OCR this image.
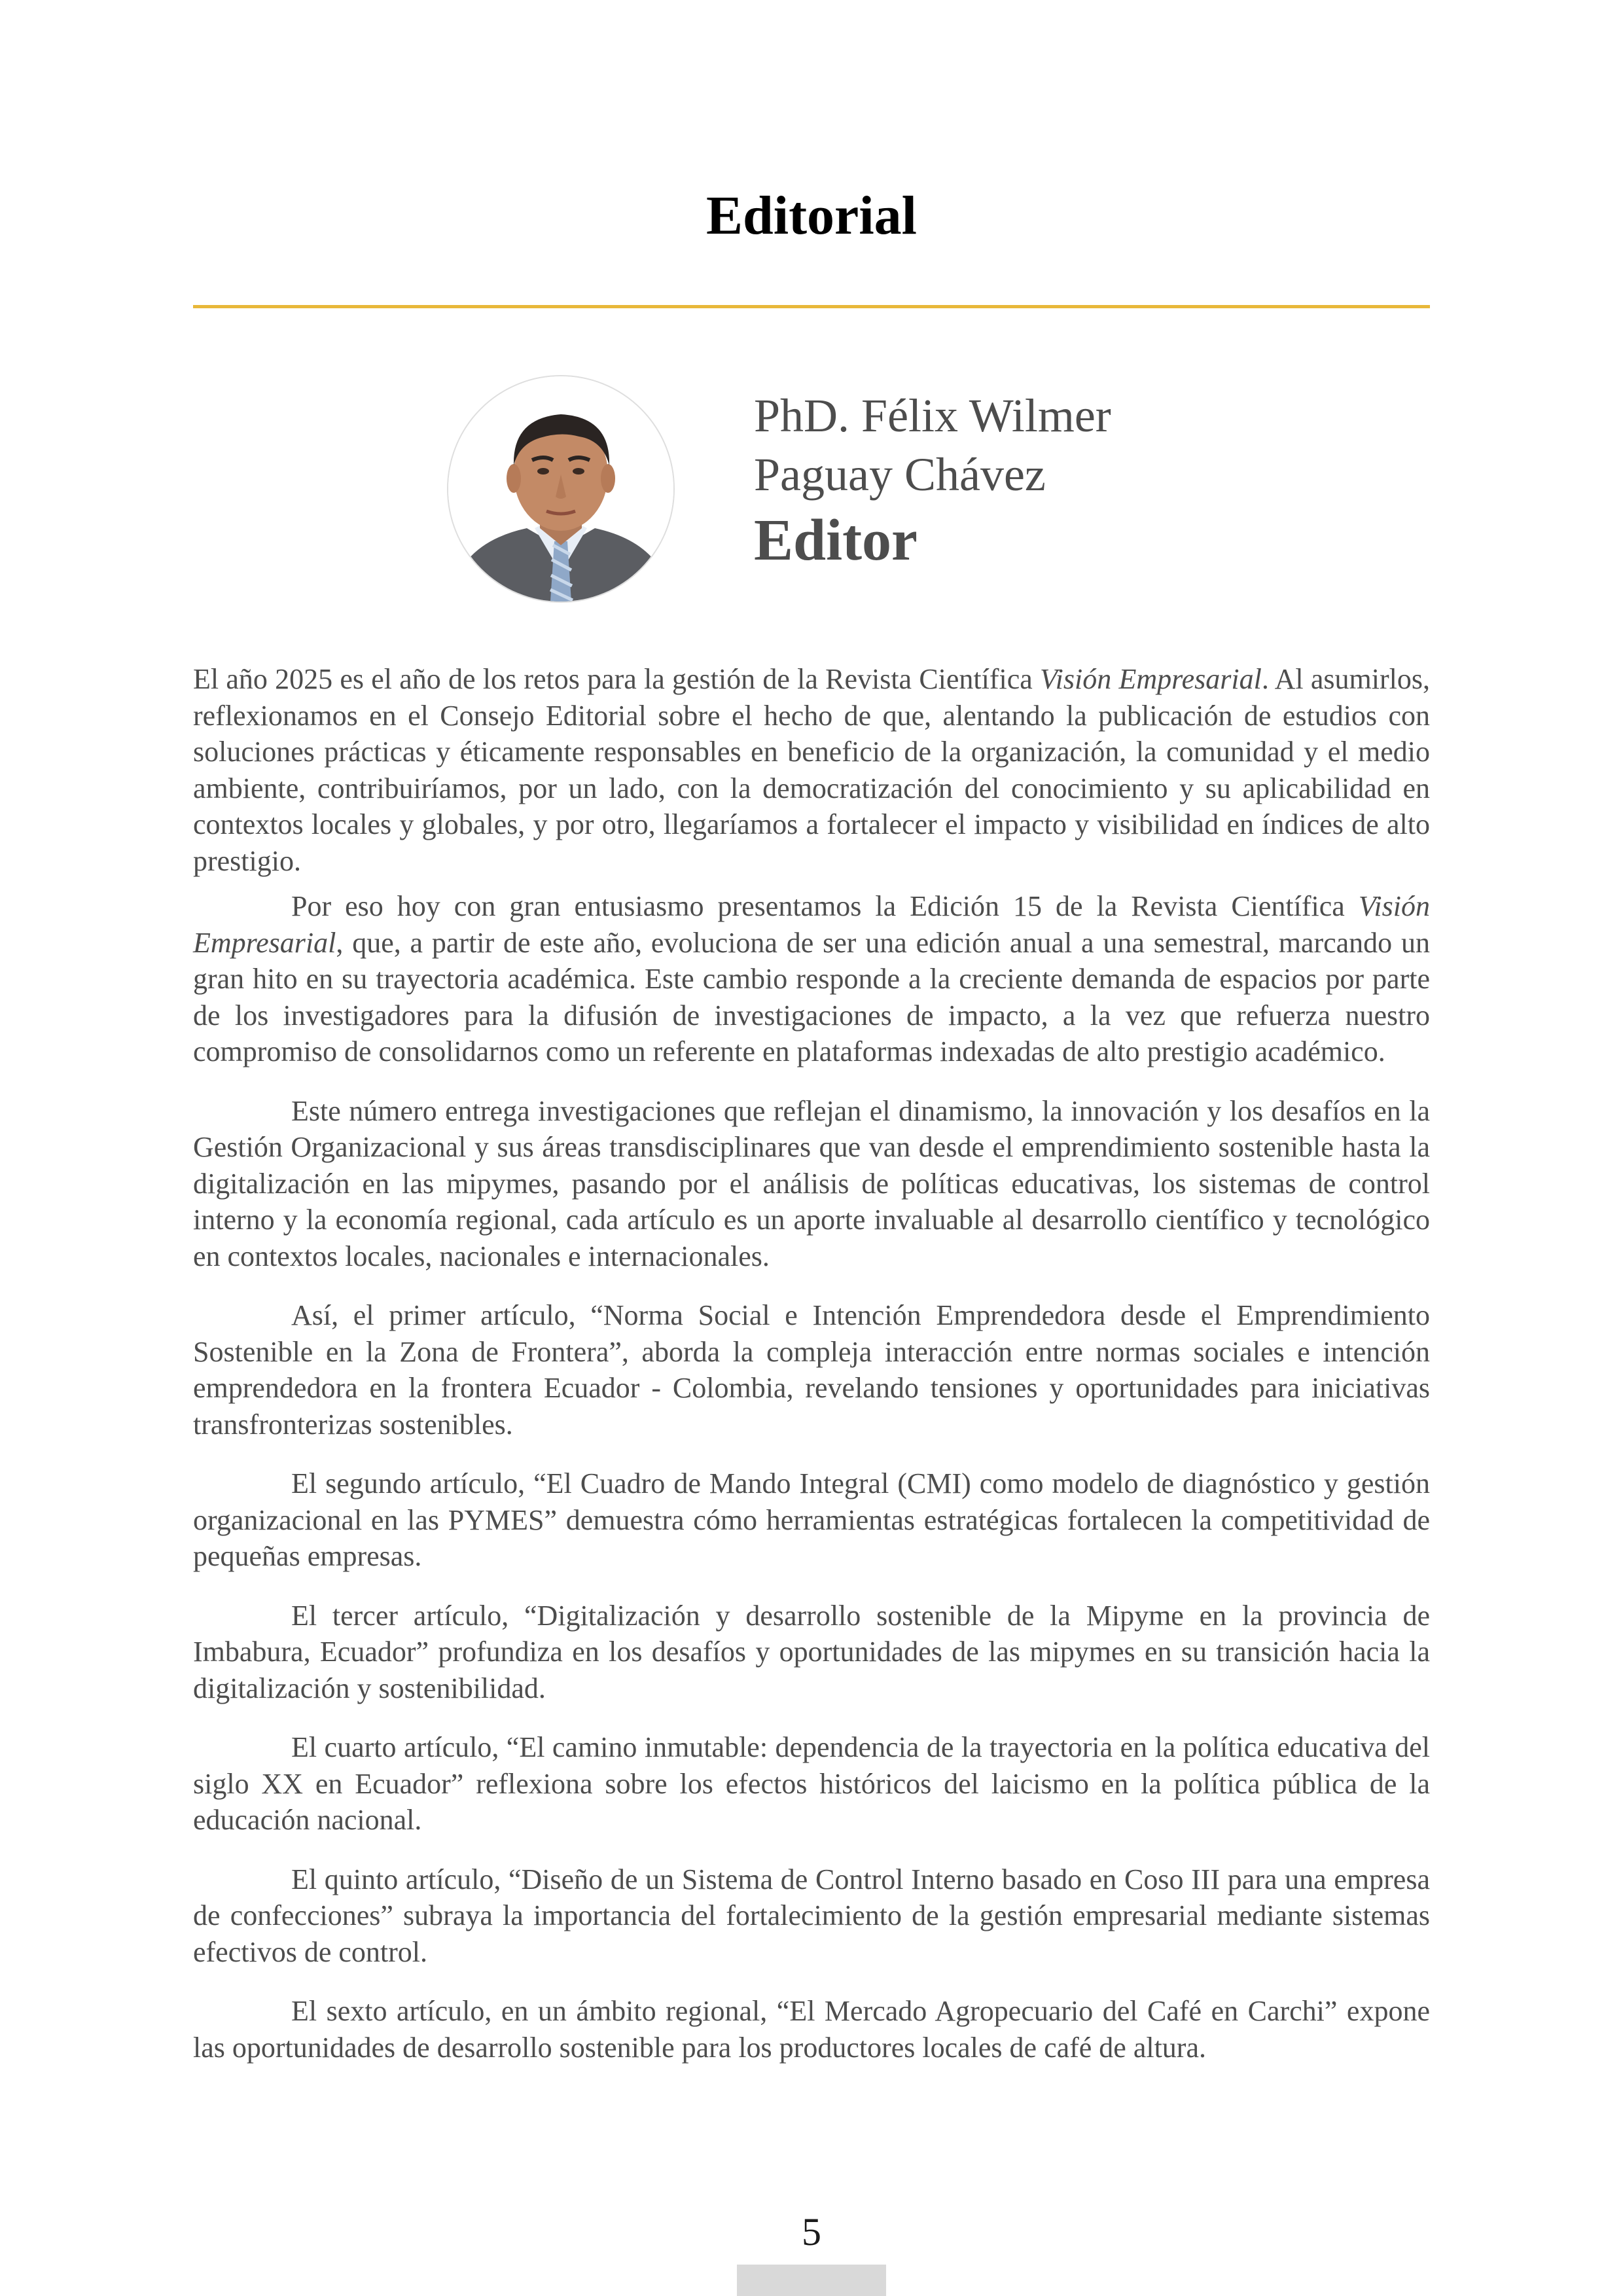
Editorial
PhD. Félix Wilmer
Paguay Chávez
Editor

El año 2025 es el año de los retos para la gestión de la Revista Científica Visión Empresarial. Al asumirlos, reflexionamos en el Consejo Editorial sobre el hecho de que, alentando la publicación de estudios con soluciones prácticas y éticamente responsables en beneficio de la organización, la comunidad y el medio ambiente, contribuiríamos, por un lado, con la democratización del conocimiento y su aplicabilidad en contextos locales y globales, y por otro, llegaríamos a fortalecer el impacto y visibilidad en índices de alto prestigio.

Por eso hoy con gran entusiasmo presentamos la Edición 15 de la Revista Científica Visión Empresarial, que, a partir de este año, evoluciona de ser una edición anual a una semestral, marcando un gran hito en su trayectoria académica. Este cambio responde a la creciente demanda de espacios por parte de los investigadores para la difusión de investigaciones de impacto, a la vez que refuerza nuestro compromiso de consolidarnos como un referente en plataformas indexadas de alto prestigio académico.

Este número entrega investigaciones que reflejan el dinamismo, la innovación y los desafíos en la Gestión Organizacional y sus áreas transdisciplinares que van desde el emprendimiento sostenible hasta la digitalización en las mipymes, pasando por el análisis de políticas educativas, los sistemas de control interno y la economía regional, cada artículo es un aporte invaluable al desarrollo científico y tecnológico en contextos locales, nacionales e internacionales.

Así, el primer artículo, “Norma Social e Intención Emprendedora desde el Emprendimiento Sostenible en la Zona de Frontera”, aborda la compleja interacción entre normas sociales e intención emprendedora en la frontera Ecuador - Colombia, revelando tensiones y oportunidades para iniciativas transfronterizas sostenibles.

El segundo artículo, “El Cuadro de Mando Integral (CMI) como modelo de diagnóstico y gestión organizacional en las PYMES” demuestra cómo herramientas estratégicas fortalecen la competitividad de pequeñas empresas.

El tercer artículo, “Digitalización y desarrollo sostenible de la Mipyme en la provincia de Imbabura, Ecuador” profundiza en los desafíos y oportunidades de las mipymes en su transición hacia la digitalización y sostenibilidad.

El cuarto artículo, “El camino inmutable: dependencia de la trayectoria en la política educativa del siglo XX en Ecuador” reflexiona sobre los efectos históricos del laicismo en la política pública de la educación nacional.

El quinto artículo, “Diseño de un Sistema de Control Interno basado en Coso III para una empresa de confecciones” subraya la importancia del fortalecimiento de la gestión empresarial mediante sistemas efectivos de control.

El sexto artículo, en un ámbito regional, “El Mercado Agropecuario del Café en Carchi” expone las oportunidades de desarrollo sostenible para los productores locales de café de altura.

5
